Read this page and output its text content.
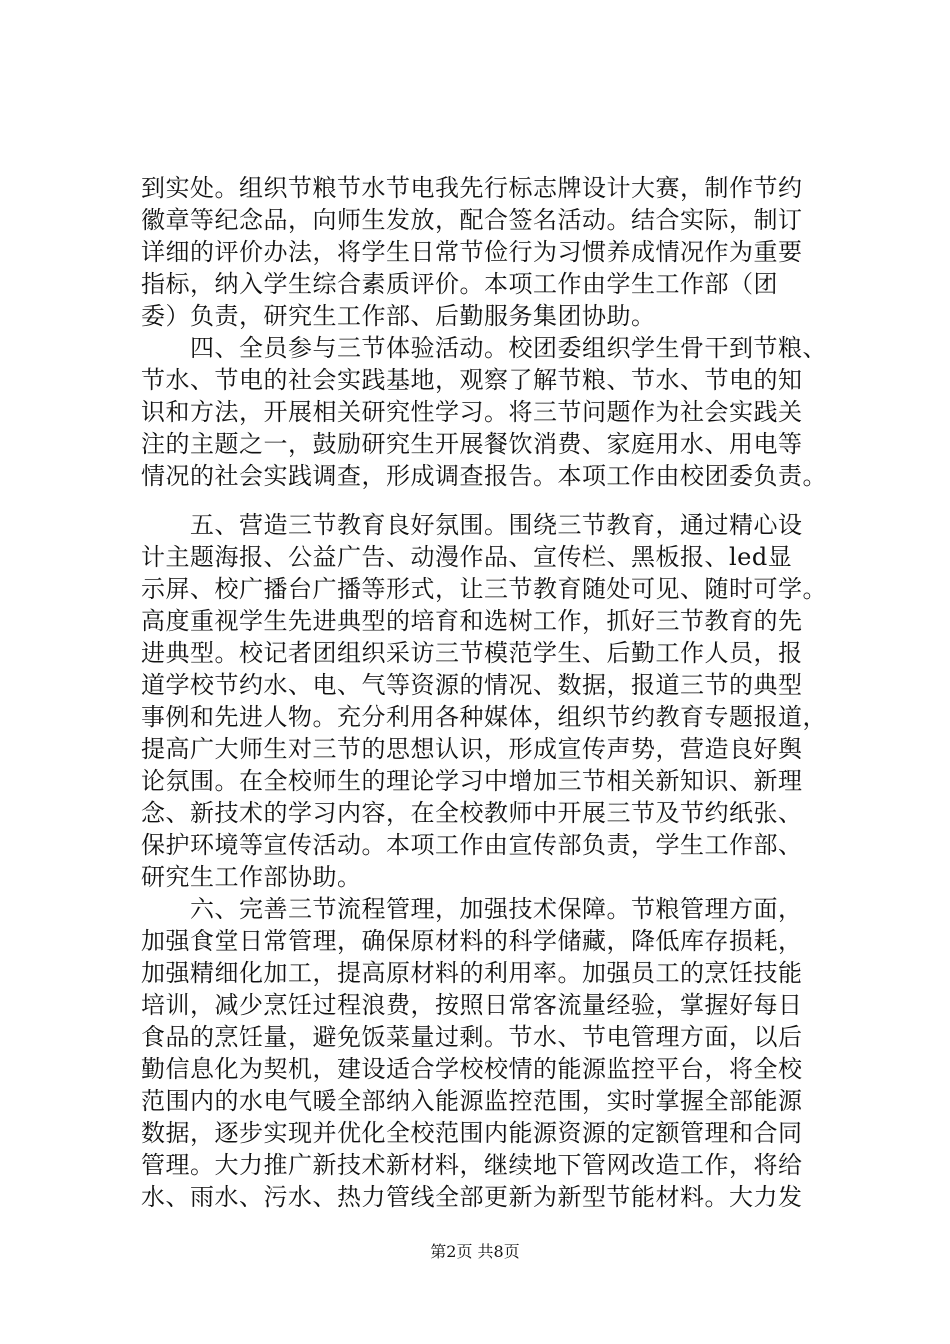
到实处。组织节粮节水节电我先行标志牌设计大赛，制作节约
徽章等纪念品，向师生发放，配合签名活动。结合实际，制订
详细的评价办法，将学生日常节俭行为习惯养成情况作为重要
指标，纳入学生综合素质评价。本项工作由学生工作部（团
委）负责，研究生工作部、后勤服务集团协助。
　　四、全员参与三节体验活动。校团委组织学生骨干到节粮、
节水、节电的社会实践基地，观察了解节粮、节水、节电的知
识和方法，开展相关研究性学习。将三节问题作为社会实践关
注的主题之一，鼓励研究生开展餐饮消费、家庭用水、用电等
情况的社会实践调查，形成调查报告。本项工作由校团委负责。
　　五、营造三节教育良好氛围。围绕三节教育，通过精心设
计主题海报、公益广告、动漫作品、宣传栏、黑板报、led显
示屏、校广播台广播等形式，让三节教育随处可见、随时可学。
高度重视学生先进典型的培育和选树工作，抓好三节教育的先
进典型。校记者团组织采访三节模范学生、后勤工作人员，报
道学校节约水、电、气等资源的情况、数据，报道三节的典型
事例和先进人物。充分利用各种媒体，组织节约教育专题报道，
提高广大师生对三节的思想认识，形成宣传声势，营造良好舆
论氛围。在全校师生的理论学习中增加三节相关新知识、新理
念、新技术的学习内容，在全校教师中开展三节及节约纸张、
保护环境等宣传活动。本项工作由宣传部负责，学生工作部、
研究生工作部协助。
　　六、完善三节流程管理，加强技术保障。节粮管理方面，
加强食堂日常管理，确保原材料的科学储藏，降低库存损耗，
加强精细化加工，提高原材料的利用率。加强员工的烹饪技能
培训，减少烹饪过程浪费，按照日常客流量经验，掌握好每日
食品的烹饪量，避免饭菜量过剩。节水、节电管理方面，以后
勤信息化为契机，建设适合学校校情的能源监控平台，将全校
范围内的水电气暖全部纳入能源监控范围，实时掌握全部能源
数据，逐步实现并优化全校范围内能源资源的定额管理和合同
管理。大力推广新技术新材料，继续地下管网改造工作，将给
水、雨水、污水、热力管线全部更新为新型节能材料。大力发
第2页 共8页
